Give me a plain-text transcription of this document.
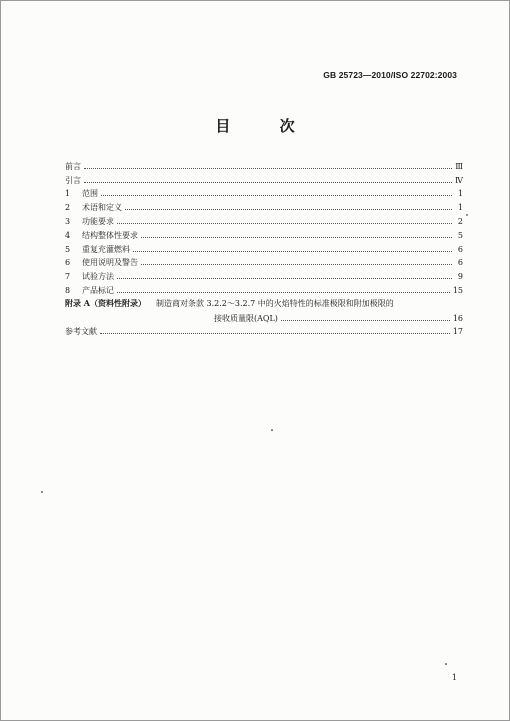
GB 25723—2010/ISO 22702:2003
目 次
前言	Ⅲ
引言	Ⅳ
1	范围	1
2	术语和定义	1
3	功能要求	2
4	结构整体性要求	5
5	重复充灌燃料	6
6	使用说明及警告	6
7	试验方法	9
8	产品标记	15
附录 A（资料性附录） 制造商对条款 3.2.2～3.2.7 中的火焰特性的标准极限和附加极限的
接收质量限(AQL)	16
参考文献	17
1
